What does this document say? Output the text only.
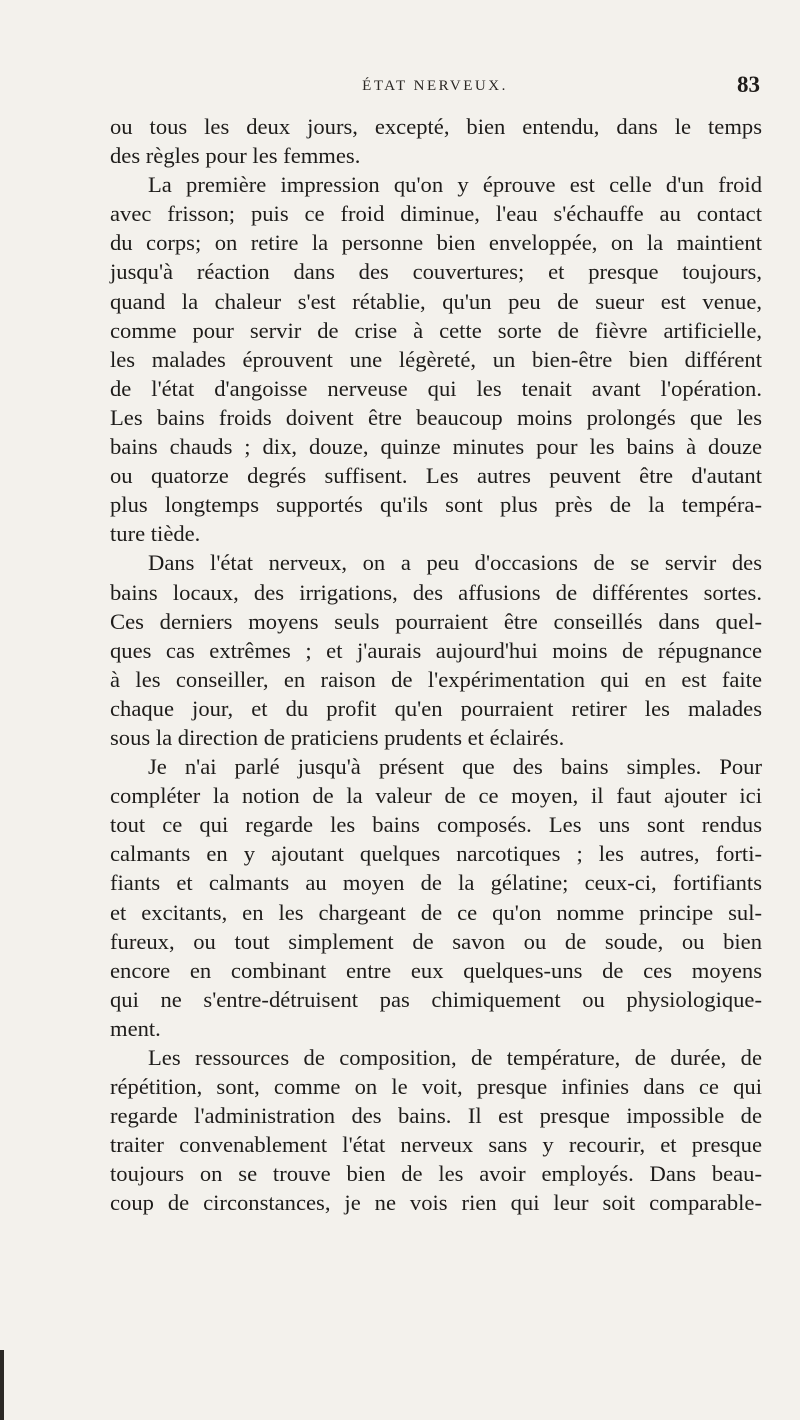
ÉTAT NERVEUX.	83
ou tous les deux jours, excepté, bien entendu, dans le temps
des règles pour les femmes.
La première impression qu'on y éprouve est celle d'un froid
avec frisson; puis ce froid diminue, l'eau s'échauffe au contact
du corps; on retire la personne bien enveloppée, on la maintient
jusqu'à réaction dans des couvertures; et presque toujours,
quand la chaleur s'est rétablie, qu'un peu de sueur est venue,
comme pour servir de crise à cette sorte de fièvre artificielle,
les malades éprouvent une légèreté, un bien-être bien différent
de l'état d'angoisse nerveuse qui les tenait avant l'opération.
Les bains froids doivent être beaucoup moins prolongés que les
bains chauds ; dix, douze, quinze minutes pour les bains à douze
ou quatorze degrés suffisent. Les autres peuvent être d'autant
plus longtemps supportés qu'ils sont plus près de la tempéra-
ture tiède.
Dans l'état nerveux, on a peu d'occasions de se servir des
bains locaux, des irrigations, des affusions de différentes sortes.
Ces derniers moyens seuls pourraient être conseillés dans quel-
ques cas extrêmes ; et j'aurais aujourd'hui moins de répugnance
à les conseiller, en raison de l'expérimentation qui en est faite
chaque jour, et du profit qu'en pourraient retirer les malades
sous la direction de praticiens prudents et éclairés.
Je n'ai parlé jusqu'à présent que des bains simples. Pour
compléter la notion de la valeur de ce moyen, il faut ajouter ici
tout ce qui regarde les bains composés. Les uns sont rendus
calmants en y ajoutant quelques narcotiques ; les autres, forti-
fiants et calmants au moyen de la gélatine; ceux-ci, fortifiants
et excitants, en les chargeant de ce qu'on nomme principe sul-
fureux, ou tout simplement de savon ou de soude, ou bien
encore en combinant entre eux quelques-uns de ces moyens
qui ne s'entre-détruisent pas chimiquement ou physiologique-
ment.
Les ressources de composition, de température, de durée, de
répétition, sont, comme on le voit, presque infinies dans ce qui
regarde l'administration des bains. Il est presque impossible de
traiter convenablement l'état nerveux sans y recourir, et presque
toujours on se trouve bien de les avoir employés. Dans beau-
coup de circonstances, je ne vois rien qui leur soit comparable-
